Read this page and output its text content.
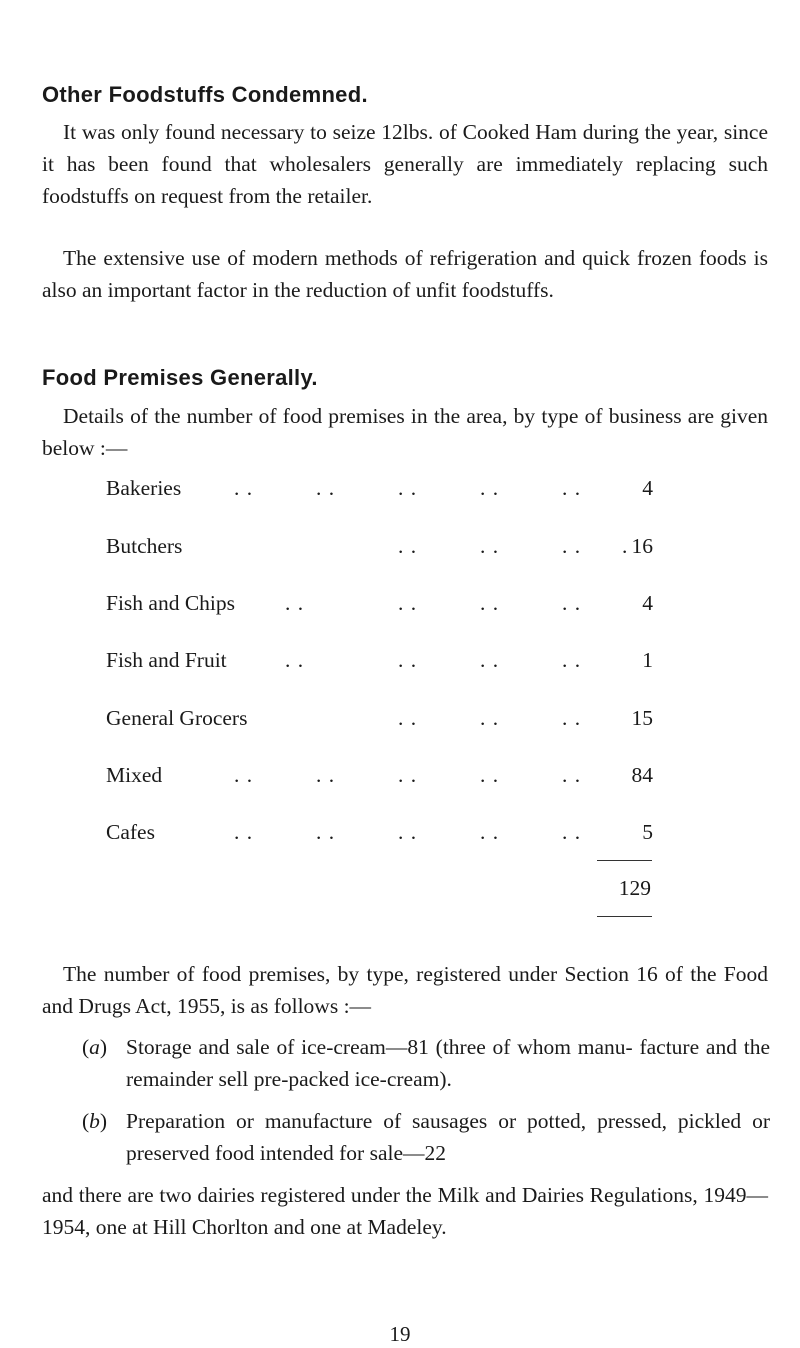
Other Foodstuffs Condemned.

It was only found necessary to seize 12lbs. of Cooked Ham during the year, since it has been found that wholesalers generally are immediately replacing such foodstuffs on request from the retailer.

The extensive use of modern methods of refrigeration and quick frozen foods is also an important factor in the reduction of unfit foodstuffs.

Food Premises Generally.

Details of the number of food premises in the area, by type of business are given below :—

Bakeries . .	. .	. .	. .	. .	4
Butchers	. .	. .	. . . 16
Fish and Chips . .	. .	. .	. .	4
Fish and Fruit	. .	. .	. .	. .	1
General Grocers	. .	. .	. . 15
Mixed	. .	. .	. .	. .	. . 84
Cafes	. .	. .	. .	. .	. .	5
129

The number of food premises, by type, registered under Section 16 of the Food and Drugs Act, 1955, is as follows :—

(a) Storage and sale of ice-cream—81 (three of whom manu- facture and the remainder sell pre-packed ice-cream).

(b) Preparation or manufacture of sausages or potted, pressed, pickled or preserved food intended for sale—22

and there are two dairies registered under the Milk and Dairies Regulations, 1949—1954, one at Hill Chorlton and one at Madeley.

19
